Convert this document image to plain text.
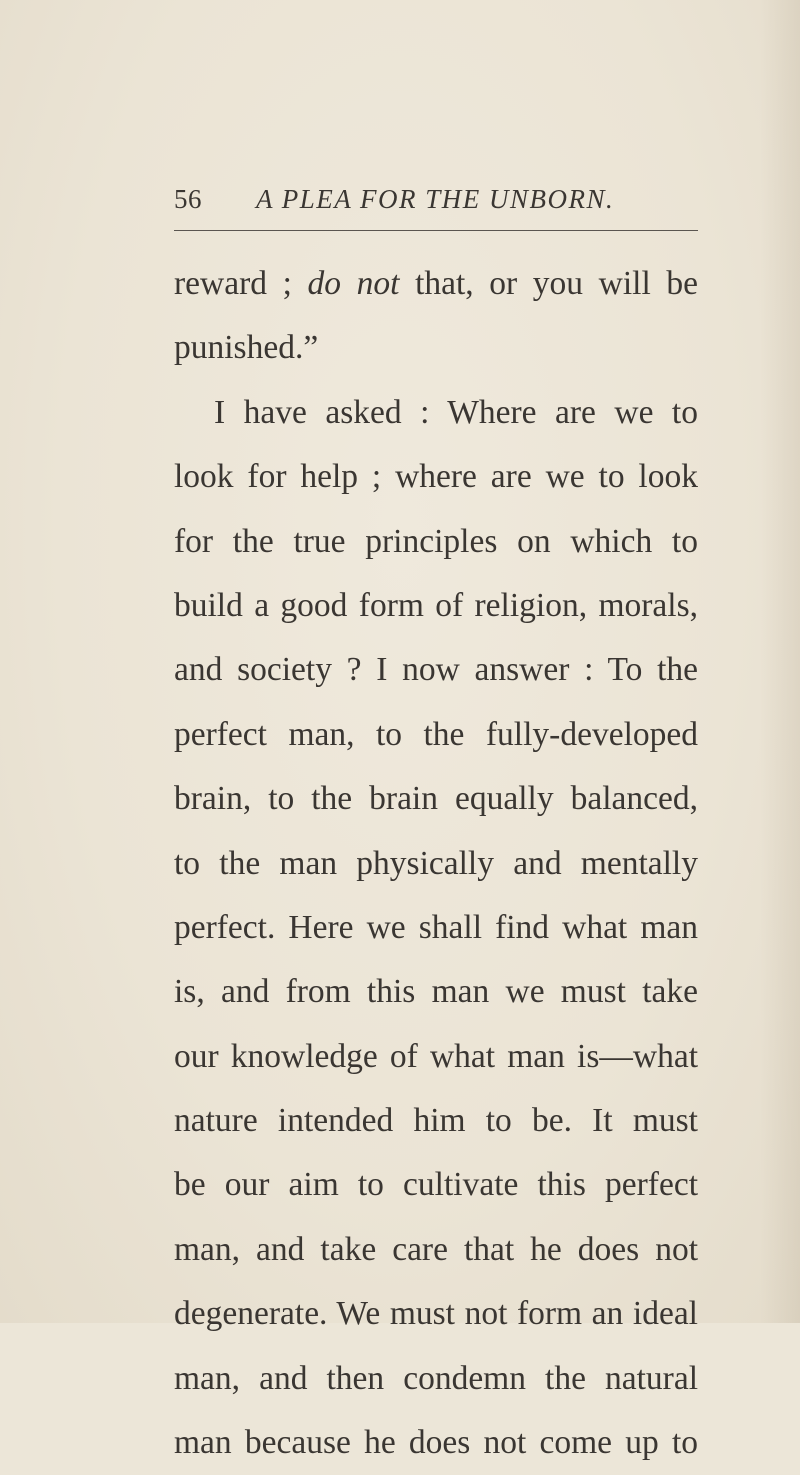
56 A PLEA FOR THE UNBORN.
reward ; do not that, or you will be
punished.”
I have asked : Where are we to
look for help ; where are we to look
for the true principles on which to
build a good form of religion, morals,
and society ? I now answer : To the
perfect man, to the fully-developed
brain, to the brain equally balanced,
to the man physically and mentally
perfect. Here we shall find what man
is, and from this man we must take
our knowledge of what man is—what
nature intended him to be. It must
be our aim to cultivate this perfect
man, and take care that he does not
degenerate. We must not form an ideal
man, and then condemn the natural
man because he does not come up to
